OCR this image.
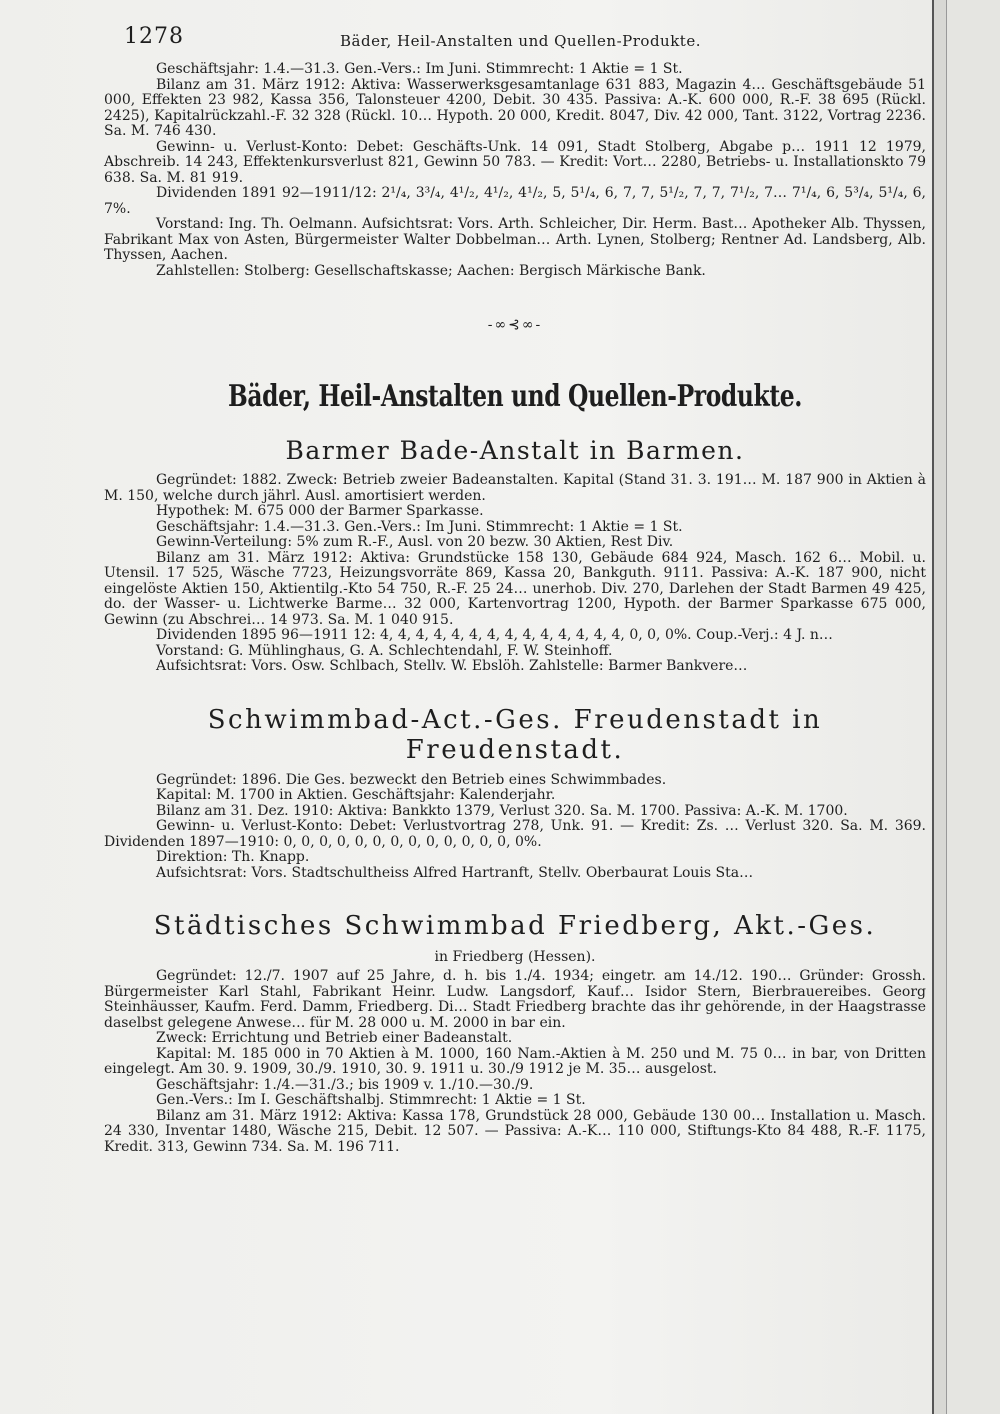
1278	Bäder, Heil-Anstalten und Quellen-Produkte.

Geschäftsjahr: 1.4.—31.3. Gen.-Vers.: Im Juni. Stimmrecht: 1 Aktie = 1 St.

Bilanz am 31. März 1912: Aktiva: Wasserwerksgesamtanlage 631 883, Magazin 4… Geschäftsgebäude 51 000, Effekten 23 982, Kassa 356, Talonsteuer 4200, Debit. 30 435. Passiva: A.-K. 600 000, R.-F. 38 695 (Rückl. 2425), Kapitalrückzahl.-F. 32 328 (Rückl. 10… Hypoth. 20 000, Kredit. 8047, Div. 42 000, Tant. 3122, Vortrag 2236. Sa. M. 746 430.

Gewinn- u. Verlust-Konto: Debet: Geschäfts-Unk. 14 091, Stadt Stolberg, Abgabe p… 1911 12 1979, Abschreib. 14 243, Effektenkursverlust 821, Gewinn 50 783. — Kredit: Vort… 2280, Betriebs- u. Installationskto 79 638. Sa. M. 81 919.

Dividenden 1891 92—1911/12: 2¹/₄, 3³/₄, 4¹/₂, 4¹/₂, 4¹/₂, 5, 5¹/₄, 6, 7, 7, 5¹/₂, 7, 7, 7¹/₂, 7… 7¹/₄, 6, 5³/₄, 5¹/₄, 6, 7%.

Vorstand: Ing. Th. Oelmann. Aufsichtsrat: Vors. Arth. Schleicher, Dir. Herm. Bast… Apotheker Alb. Thyssen, Fabrikant Max von Asten, Bürgermeister Walter Dobbelman… Arth. Lynen, Stolberg; Rentner Ad. Landsberg, Alb. Thyssen, Aachen.

Zahlstellen: Stolberg: Gesellschaftskasse; Aachen: Bergisch Märkische Bank.

-∞⊰∞-
Bäder, Heil-Anstalten und Quellen-Produkte.
Barmer Bade-Anstalt in Barmen.

Gegründet: 1882. Zweck: Betrieb zweier Badeanstalten. Kapital (Stand 31. 3. 191… M. 187 900 in Aktien à M. 150, welche durch jährl. Ausl. amortisiert werden.

Hypothek: M. 675 000 der Barmer Sparkasse.

Geschäftsjahr: 1.4.—31.3. Gen.-Vers.: Im Juni. Stimmrecht: 1 Aktie = 1 St.

Gewinn-Verteilung: 5% zum R.-F., Ausl. von 20 bezw. 30 Aktien, Rest Div.

Bilanz am 31. März 1912: Aktiva: Grundstücke 158 130, Gebäude 684 924, Masch. 162 6… Mobil. u. Utensil. 17 525, Wäsche 7723, Heizungsvorräte 869, Kassa 20, Bankguth. 9111. Passiva: A.-K. 187 900, nicht eingelöste Aktien 150, Aktientilg.-Kto 54 750, R.-F. 25 24… unerhob. Div. 270, Darlehen der Stadt Barmen 49 425, do. der Wasser- u. Lichtwerke Barme… 32 000, Kartenvortrag 1200, Hypoth. der Barmer Sparkasse 675 000, Gewinn (zu Abschrei… 14 973. Sa. M. 1 040 915.

Dividenden 1895 96—1911 12: 4, 4, 4, 4, 4, 4, 4, 4, 4, 4, 4, 4, 4, 4, 0, 0, 0%. Coup.-Verj.: 4 J. n…

Vorstand: G. Mühlinghaus, G. A. Schlechtendahl, F. W. Steinhoff.

Aufsichtsrat: Vors. Osw. Schlbach, Stellv. W. Ebslöh. Zahlstelle: Barmer Bankvere…

Schwimmbad-Act.-Ges. Freudenstadt in Freudenstadt.

Gegründet: 1896. Die Ges. bezweckt den Betrieb eines Schwimmbades.

Kapital: M. 1700 in Aktien. Geschäftsjahr: Kalenderjahr.

Bilanz am 31. Dez. 1910: Aktiva: Bankkto 1379, Verlust 320. Sa. M. 1700. Passiva: A.-K. M. 1700.

Gewinn- u. Verlust-Konto: Debet: Verlustvortrag 278, Unk. 91. — Kredit: Zs. … Verlust 320. Sa. M. 369. Dividenden 1897—1910: 0, 0, 0, 0, 0, 0, 0, 0, 0, 0, 0, 0, 0, 0%.

Direktion: Th. Knapp.

Aufsichtsrat: Vors. Stadtschultheiss Alfred Hartranft, Stellv. Oberbaurat Louis Sta…

Städtisches Schwimmbad Friedberg, Akt.-Ges.
in Friedberg (Hessen).

Gegründet: 12./7. 1907 auf 25 Jahre, d. h. bis 1./4. 1934; eingetr. am 14./12. 190… Gründer: Grossh. Bürgermeister Karl Stahl, Fabrikant Heinr. Ludw. Langsdorf, Kauf… Isidor Stern, Bierbrauereibes. Georg Steinhäusser, Kaufm. Ferd. Damm, Friedberg. Di… Stadt Friedberg brachte das ihr gehörende, in der Haagstrasse daselbst gelegene Anwese… für M. 28 000 u. M. 2000 in bar ein.

Zweck: Errichtung und Betrieb einer Badeanstalt.

Kapital: M. 185 000 in 70 Aktien à M. 1000, 160 Nam.-Aktien à M. 250 und M. 75 0… in bar, von Dritten eingelegt. Am 30. 9. 1909, 30./9. 1910, 30. 9. 1911 u. 30./9 1912 je M. 35… ausgelost.

Geschäftsjahr: 1./4.—31./3.; bis 1909 v. 1./10.—30./9.

Gen.-Vers.: Im I. Geschäftshalbj. Stimmrecht: 1 Aktie = 1 St.

Bilanz am 31. März 1912: Aktiva: Kassa 178, Grundstück 28 000, Gebäude 130 00… Installation u. Masch. 24 330, Inventar 1480, Wäsche 215, Debit. 12 507. — Passiva: A.-K… 110 000, Stiftungs-Kto 84 488, R.-F. 1175, Kredit. 313, Gewinn 734. Sa. M. 196 711.
